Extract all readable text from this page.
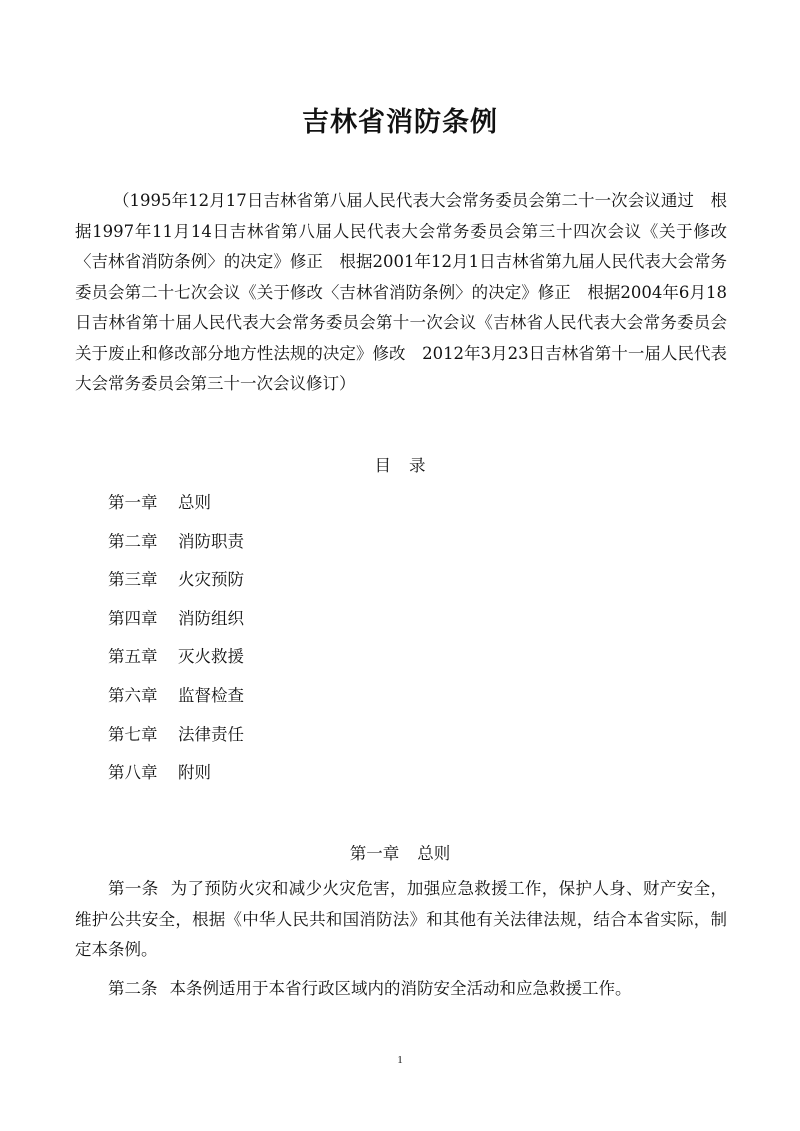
吉林省消防条例

（1995年12月17日吉林省第八届人民代表大会常务委员会第二十一次会议通过　根据1997年11月14日吉林省第八届人民代表大会常务委员会第三十四次会议《关于修改〈吉林省消防条例〉的决定》修正　根据2001年12月1日吉林省第九届人民代表大会常务委员会第二十七次会议《关于修改〈吉林省消防条例〉的决定》修正　根据2004年6月18日吉林省第十届人民代表大会常务委员会第十一次会议《吉林省人民代表大会常务委员会关于废止和修改部分地方性法规的决定》修改　2012年3月23日吉林省第十一届人民代表大会常务委员会第三十一次会议修订）

目录
第一章 总则
第二章 消防职责
第三章 火灾预防
第四章 消防组织
第五章 灭火救援
第六章 监督检查
第七章 法律责任
第八章 附则
第一章 总则

第一条 为了预防火灾和减少火灾危害，加强应急救援工作，保护人身、财产安全，维护公共安全，根据《中华人民共和国消防法》和其他有关法律法规，结合本省实际，制定本条例。

第二条 本条例适用于本省行政区域内的消防安全活动和应急救援工作。

1
